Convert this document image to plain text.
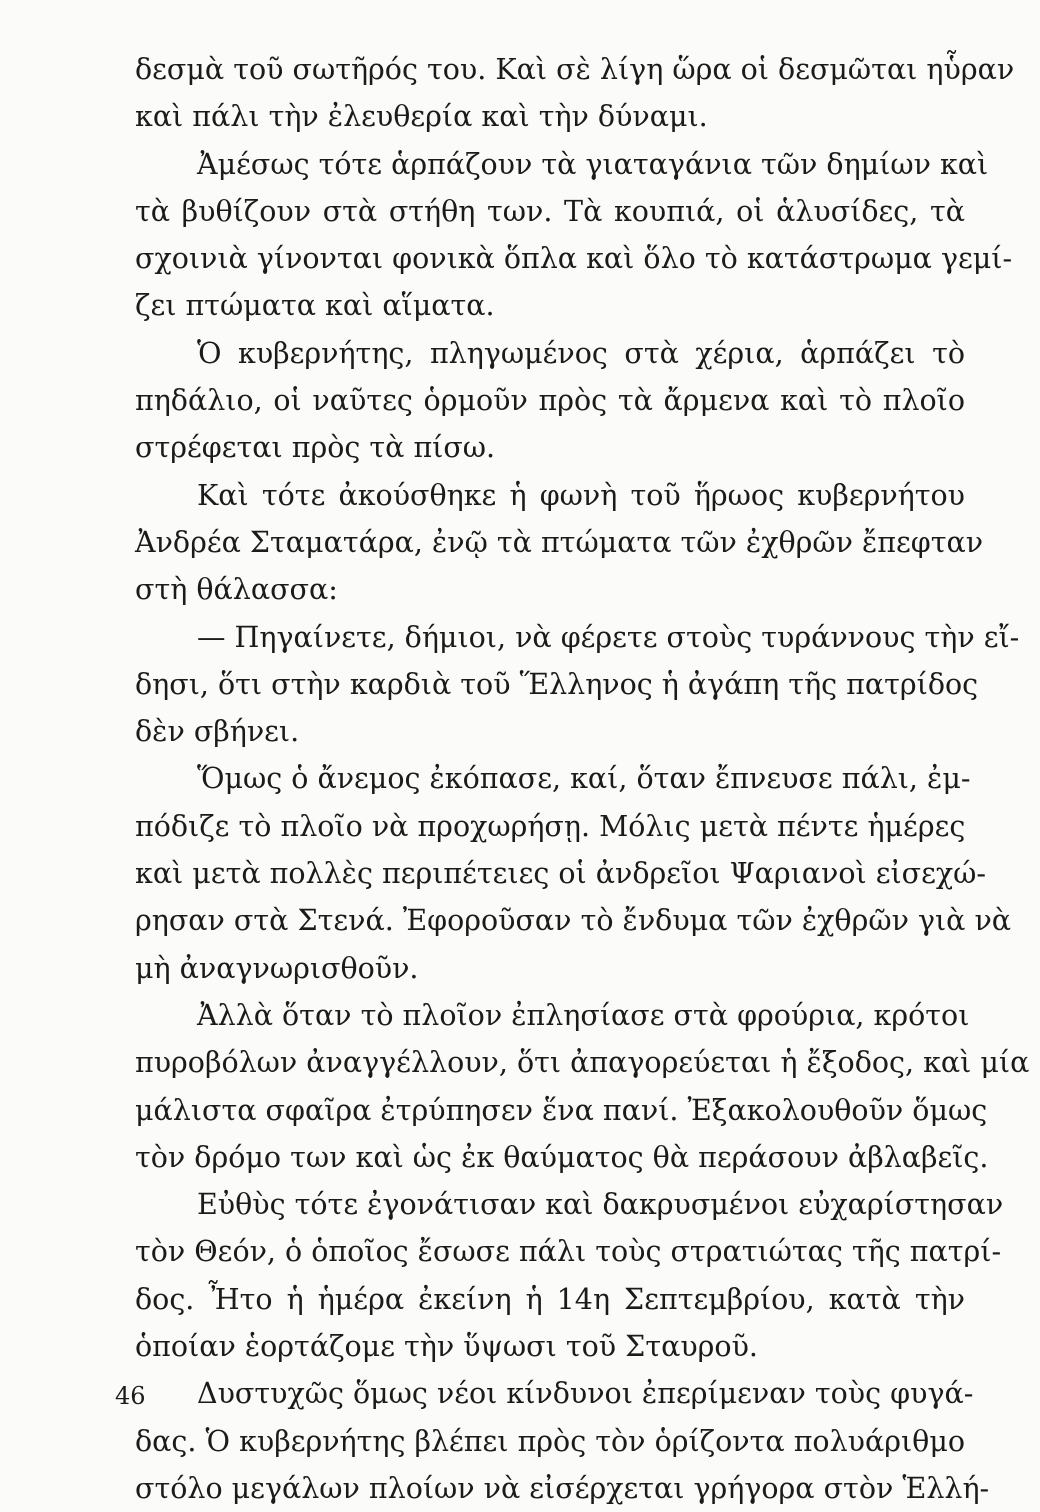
δεσμὰ τοῦ σωτῆρός του. Καὶ σὲ λίγη ὥρα οἱ δεσμῶται ηὗραν
καὶ πάλι τὴν ἐλευθερία καὶ τὴν δύναμι.
Ἀμέσως τότε ἁρπάζουν τὰ γιαταγάνια τῶν δημίων καὶ
τὰ βυθίζουν στὰ στήθη των. Τὰ κουπιά, οἱ ἁλυσίδες, τὰ
σχοινιὰ γίνονται φονικὰ ὅπλα καὶ ὅλο τὸ κατάστρωμα γεμί-
ζει πτώματα καὶ αἵματα.
Ὁ κυβερνήτης, πληγωμένος στὰ χέρια, ἁρπάζει τὸ
πηδάλιο, οἱ ναῦτες ὁρμοῦν πρὸς τὰ ἄρμενα καὶ τὸ πλοῖο
στρέφεται πρὸς τὰ πίσω.
Καὶ τότε ἀκούσθηκε ἡ φωνὴ τοῦ ἥρωος κυβερνήτου
Ἀνδρέα Σταματάρα, ἐνῷ τὰ πτώματα τῶν ἐχθρῶν ἔπεφταν
στὴ θάλασσα:
— Πηγαίνετε, δήμιοι, νὰ φέρετε στοὺς τυράννους τὴν εἴ-
δησι, ὅτι στὴν καρδιὰ τοῦ Ἕλληνος ἡ ἀγάπη τῆς πατρίδος
δὲν σβήνει.
Ὅμως ὁ ἄνεμος ἐκόπασε, καί, ὅταν ἔπνευσε πάλι, ἐμ-
πόδιζε τὸ πλοῖο νὰ προχωρήσῃ. Μόλις μετὰ πέντε ἡμέρες
καὶ μετὰ πολλὲς περιπέτειες οἱ ἀνδρεῖοι Ψαριανοὶ εἰσεχώ-
ρησαν στὰ Στενά. Ἐφοροῦσαν τὸ ἔνδυμα τῶν ἐχθρῶν γιὰ νὰ
μὴ ἀναγνωρισθοῦν.
Ἀλλὰ ὅταν τὸ πλοῖον ἐπλησίασε στὰ φρούρια, κρότοι
πυροβόλων ἀναγγέλλουν, ὅτι ἀπαγορεύεται ἡ ἔξοδος, καὶ μία
μάλιστα σφαῖρα ἐτρύπησεν ἕνα πανί. Ἐξακολουθοῦν ὅμως
τὸν δρόμο των καὶ ὡς ἐκ θαύματος θὰ περάσουν ἀβλαβεῖς.
Εὐθὺς τότε ἐγονάτισαν καὶ δακρυσμένοι εὐχαρίστησαν
τὸν Θεόν, ὁ ὁποῖος ἔσωσε πάλι τοὺς στρατιώτας τῆς πατρί-
δος. Ἦτο ἡ ἡμέρα ἐκείνη ἡ 14η Σεπτεμβρίου, κατὰ τὴν
ὁποίαν ἑορτάζομε τὴν ὕψωσι τοῦ Σταυροῦ.
Δυστυχῶς ὅμως νέοι κίνδυνοι ἐπερίμεναν τοὺς φυγά-
δας. Ὁ κυβερνήτης βλέπει πρὸς τὸν ὁρίζοντα πολυάριθμο
στόλο μεγάλων πλοίων νὰ εἰσέρχεται γρήγορα στὸν Ἑλλή-
46
